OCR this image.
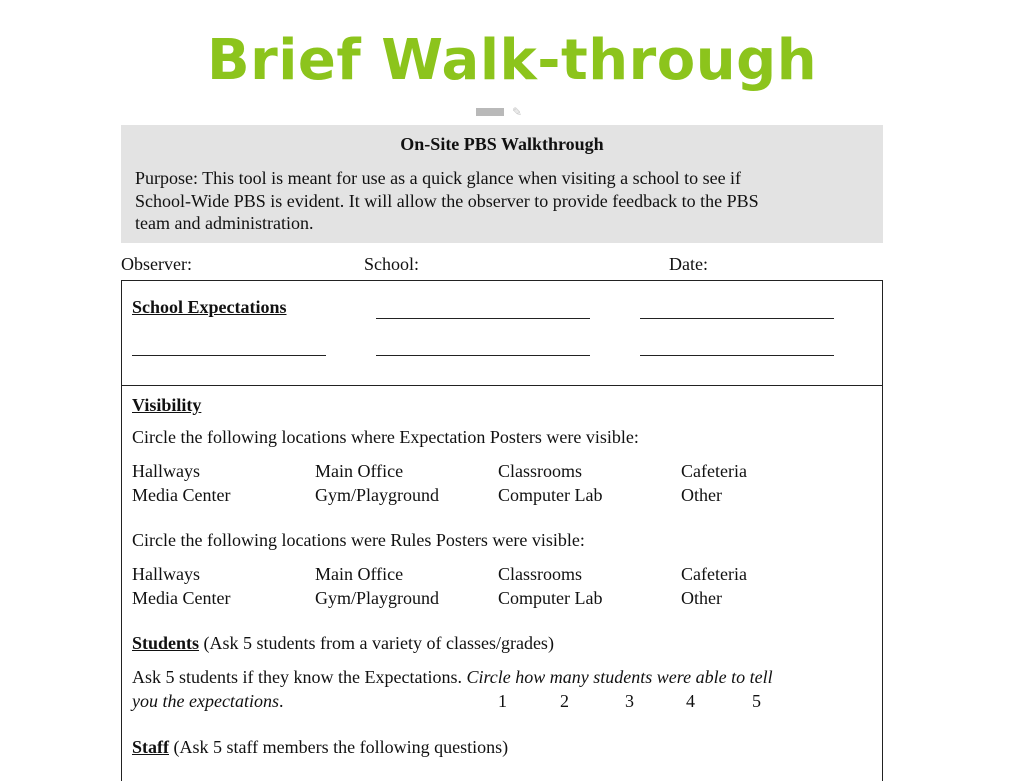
Brief Walk-through
✎
On-Site PBS Walkthrough
Purpose: This tool is meant for use as a quick glance when visiting a school to see if
School-Wide PBS is evident. It will allow the observer to provide feedback to the PBS
team and administration.
Observer:	School:	Date:
School Expectations
Visibility
Circle the following locations where Expectation Posters were visible:
Hallways	Main Office	Classrooms	Cafeteria
Media Center	Gym/Playground	Computer Lab	Other
Circle the following locations were Rules Posters were visible:
Hallways	Main Office	Classrooms	Cafeteria
Media Center	Gym/Playground	Computer Lab	Other
Students (Ask 5 students from a variety of classes/grades)
Ask 5 students if they know the Expectations. Circle how many students were able to tell
you the expectations.	1	2	3	4	5
Staff (Ask 5 staff members the following questions)
